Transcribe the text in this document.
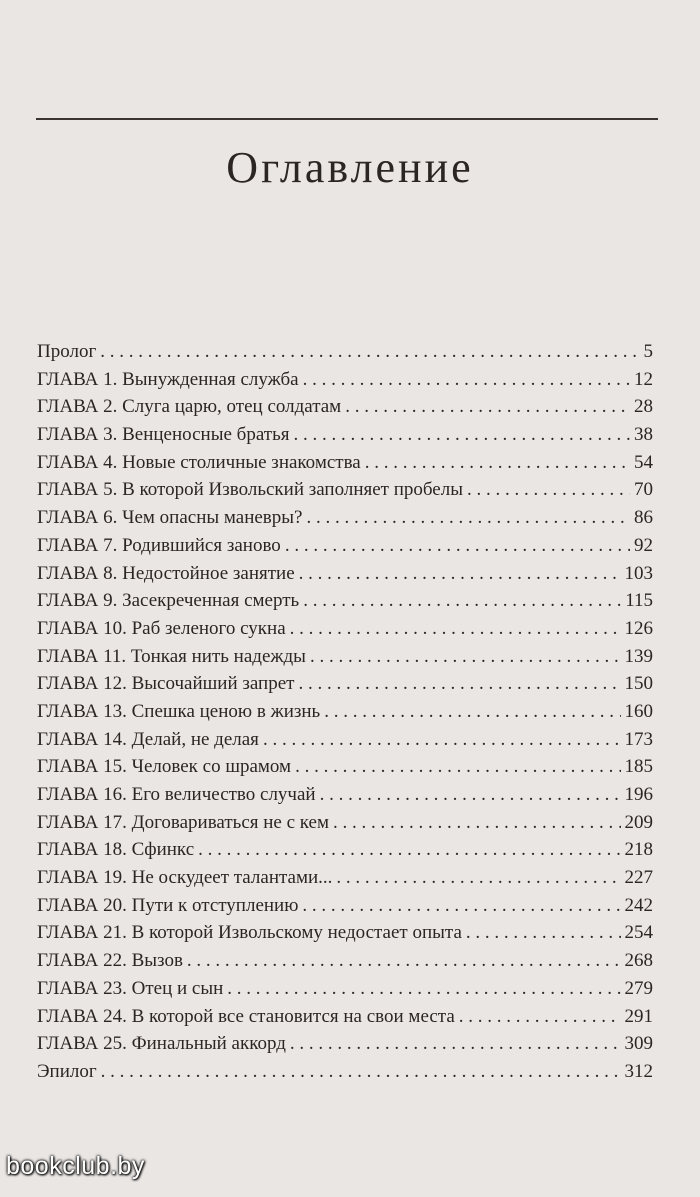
Оглавление
Пролог . . .	5
ГЛАВА 1. Вынужденная служба . . .	12
ГЛАВА 2. Слуга царю, отец солдатам . . .	28
ГЛАВА 3. Венценосные братья . . .	38
ГЛАВА 4. Новые столичные знакомства . . .	54
ГЛАВА 5. В которой Извольский заполняет пробелы . . .	70
ГЛАВА 6. Чем опасны маневры? . . .	86
ГЛАВА 7. Родившийся заново . . .	92
ГЛАВА 8. Недостойное занятие . . .	103
ГЛАВА 9. Засекреченная смерть . . .	115
ГЛАВА 10. Раб зеленого сукна . . .	126
ГЛАВА 11. Тонкая нить надежды . . .	139
ГЛАВА 12. Высочайший запрет . . .	150
ГЛАВА 13. Спешка ценою в жизнь . . .	160
ГЛАВА 14. Делай, не делая . . .	173
ГЛАВА 15. Человек со шрамом . . .	185
ГЛАВА 16. Его величество случай . . .	196
ГЛАВА 17. Договариваться не с кем . . .	209
ГЛАВА 18. Сфинкс . . .	218
ГЛАВА 19. Не оскудеет талантами... . . .	227
ГЛАВА 20. Пути к отступлению . . .	242
ГЛАВА 21. В которой Извольскому недостает опыта . . .	254
ГЛАВА 22. Вызов . . .	268
ГЛАВА 23. Отец и сын . . .	279
ГЛАВА 24. В которой все становится на свои места . . .	291
ГЛАВА 25. Финальный аккорд . . .	309
Эпилог . . .	312
bookclub.by
